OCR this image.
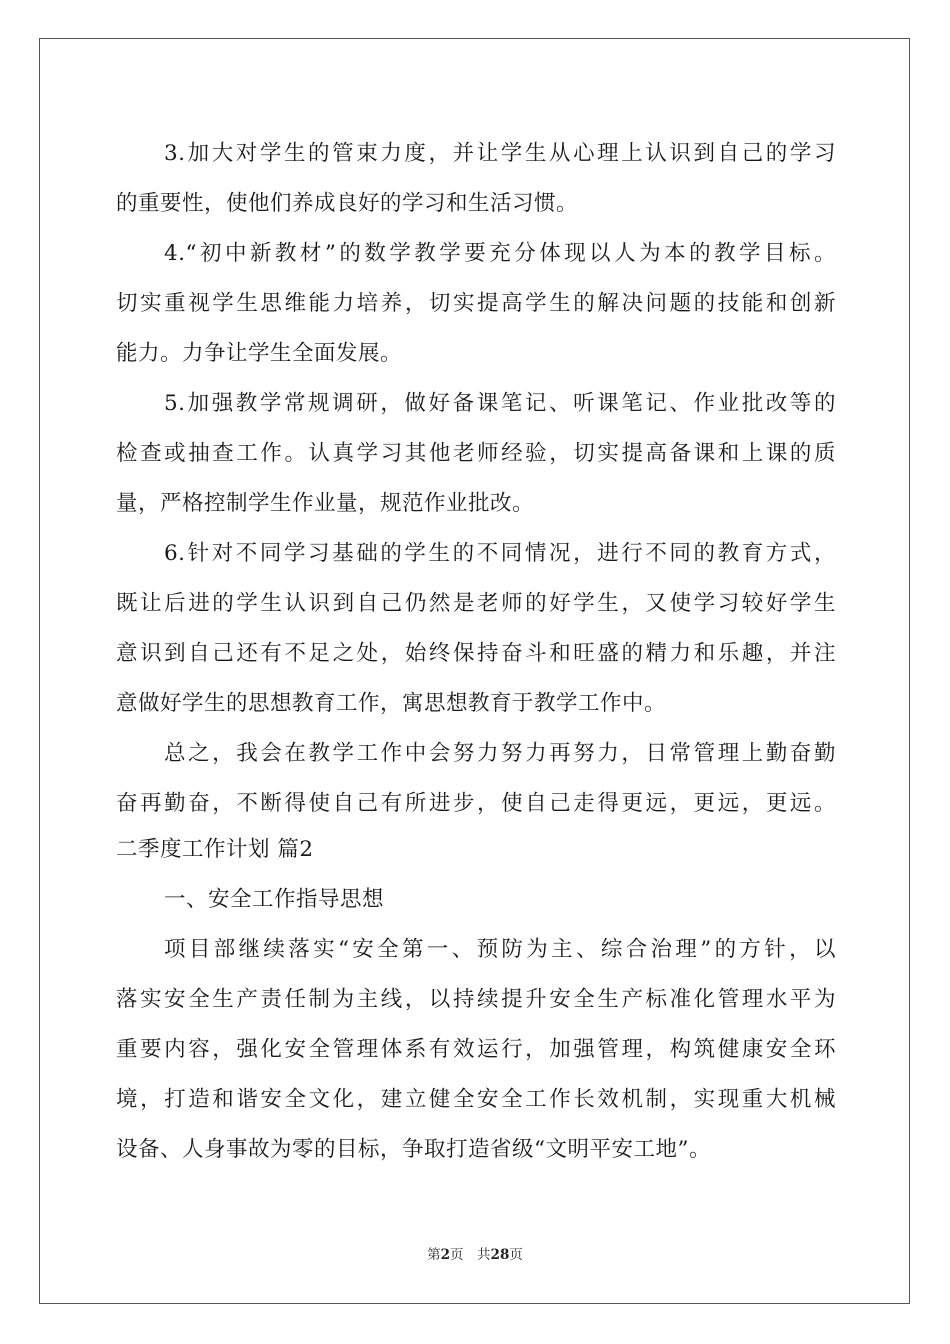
3.加大对学生的管束力度，并让学生从心理上认识到自己的学习
的重要性，使他们养成良好的学习和生活习惯。
4.“初中新教材”的数学教学要充分体现以人为本的教学目标。
切实重视学生思维能力培养，切实提高学生的解决问题的技能和创新
能力。力争让学生全面发展。
5.加强教学常规调研，做好备课笔记、听课笔记、作业批改等的
检查或抽查工作。认真学习其他老师经验，切实提高备课和上课的质
量，严格控制学生作业量，规范作业批改。
6.针对不同学习基础的学生的不同情况，进行不同的教育方式，
既让后进的学生认识到自己仍然是老师的好学生，又使学习较好学生
意识到自己还有不足之处，始终保持奋斗和旺盛的精力和乐趣，并注
意做好学生的思想教育工作，寓思想教育于教学工作中。
总之，我会在教学工作中会努力努力再努力，日常管理上勤奋勤
奋再勤奋，不断得使自己有所进步，使自己走得更远，更远，更远。
二季度工作计划 篇2
一、安全工作指导思想
项目部继续落实“安全第一、预防为主、综合治理”的方针，以
落实安全生产责任制为主线，以持续提升安全生产标准化管理水平为
重要内容，强化安全管理体系有效运行，加强管理，构筑健康安全环
境，打造和谐安全文化，建立健全安全工作长效机制，实现重大机械
设备、人身事故为零的目标，争取打造省级“文明平安工地”。
第2页　共28页
